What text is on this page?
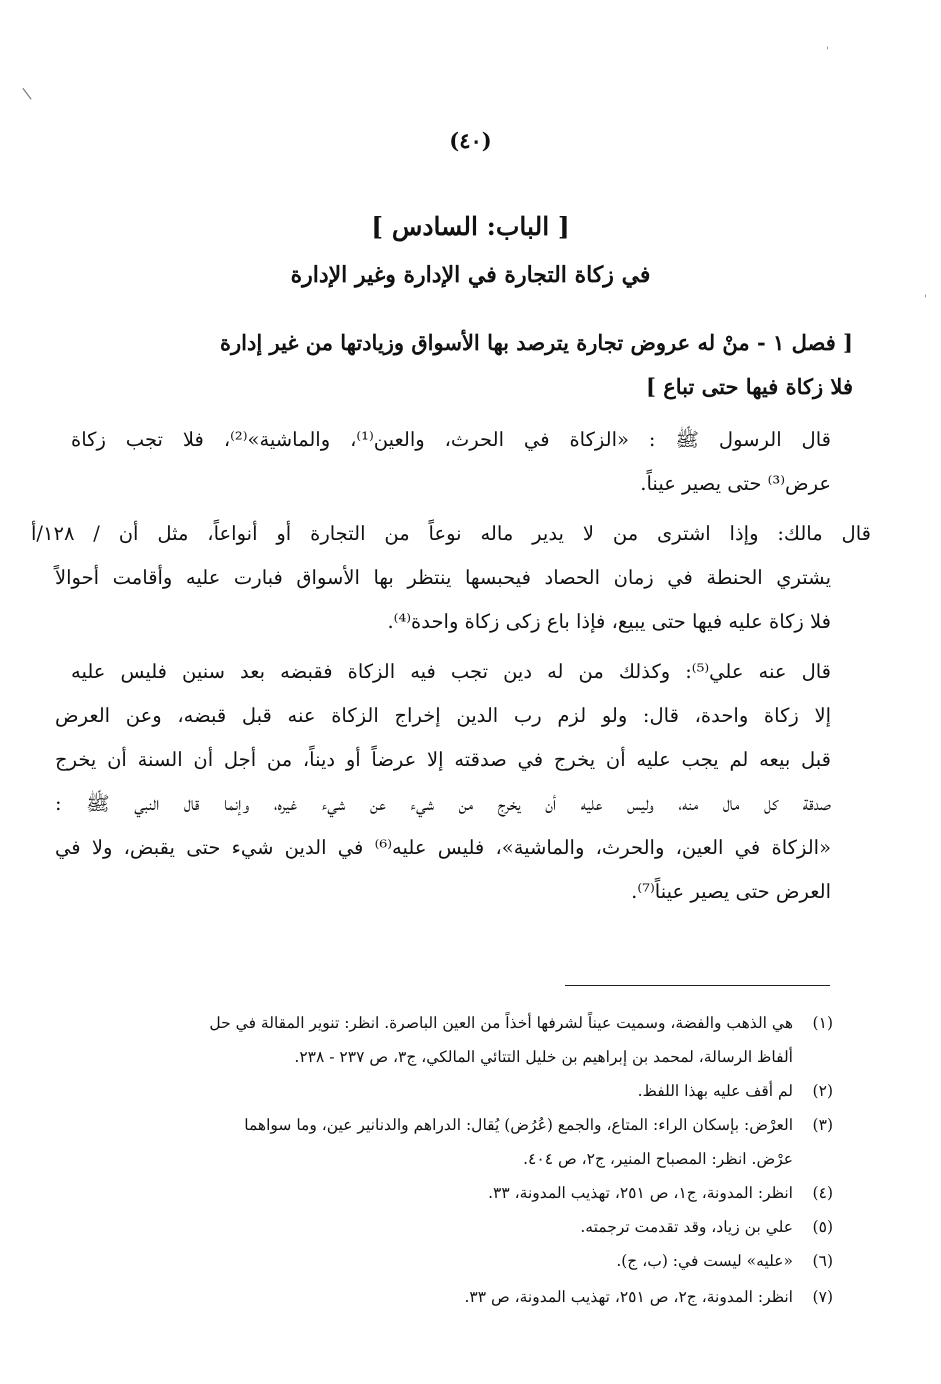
/
'
'
(٤٠)
[ الباب: السادس ]
في زكاة التجارة في الإدارة وغير الإدارة
[ فصل ١ - منْ له عروض تجارة يترصد بها الأسواق وزيادتها من غير إدارة
فلا زكاة فيها حتى تباع ]
قال الرسول ﷺ : «الزكاة في الحرث، والعين⁽¹⁾، والماشية»⁽²⁾، فلا تجب زكاة
عرض⁽³⁾ حتى يصير عيناً.
قال مالك: وإذا اشترى من لا يدير ماله نوعاً من التجارة أو أنواعاً، مثل أن / ١٢٨/أ
يشتري الحنطة في زمان الحصاد فيحبسها ينتظر بها الأسواق فبارت عليه وأقامت أحوالاً
فلا زكاة عليه فيها حتى يبيع، فإذا باع زكى زكاة واحدة⁽⁴⁾.
قال عنه علي⁽⁵⁾: وكذلك من له دين تجب فيه الزكاة فقبضه بعد سنين فليس عليه
إلا زكاة واحدة، قال: ولو لزم رب الدين إخراج الزكاة عنه قبل قبضه، وعن العرض
قبل بيعه لم يجب عليه أن يخرج في صدقته إلا عرضاً أو ديناً، من أجل أن السنة أن يخرج
صدقة كل مال منه، وليس عليه أن يخرج من شيء عن شيء غيره، وإنما قال النبي ﷺ :
«الزكاة في العين، والحرث، والماشية»، فليس عليه⁽⁶⁾ في الدين شيء حتى يقبض، ولا في
العرض حتى يصير عيناً⁽⁷⁾.
(١)هي الذهب والفضة، وسميت عيناً لشرفها أخذاً من العين الباصرة. انظر: تنوير المقالة في حل
ألفاظ الرسالة، لمحمد بن إبراهيم بن خليل التتائي المالكي، ج٣، ص ٢٣٧ - ٢٣٨.
(٢)لم أقف عليه بهذا اللفظ.
(٣)العرْض: بإسكان الراء: المتاع، والجمع (عُرُض) يُقال: الدراهم والدنانير عين، وما سواهما
عرْض. انظر: المصباح المنير، ج٢، ص ٤٠٤.
(٤)انظر: المدونة، ج١، ص ٢٥١، تهذيب المدونة، ٣٣.
(٥)علي بن زياد، وقد تقدمت ترجمته.
(٦)«عليه» ليست في: (ب، ج).
(٧)انظر: المدونة، ج٢، ص ٢٥١، تهذيب المدونة، ص ٣٣.
